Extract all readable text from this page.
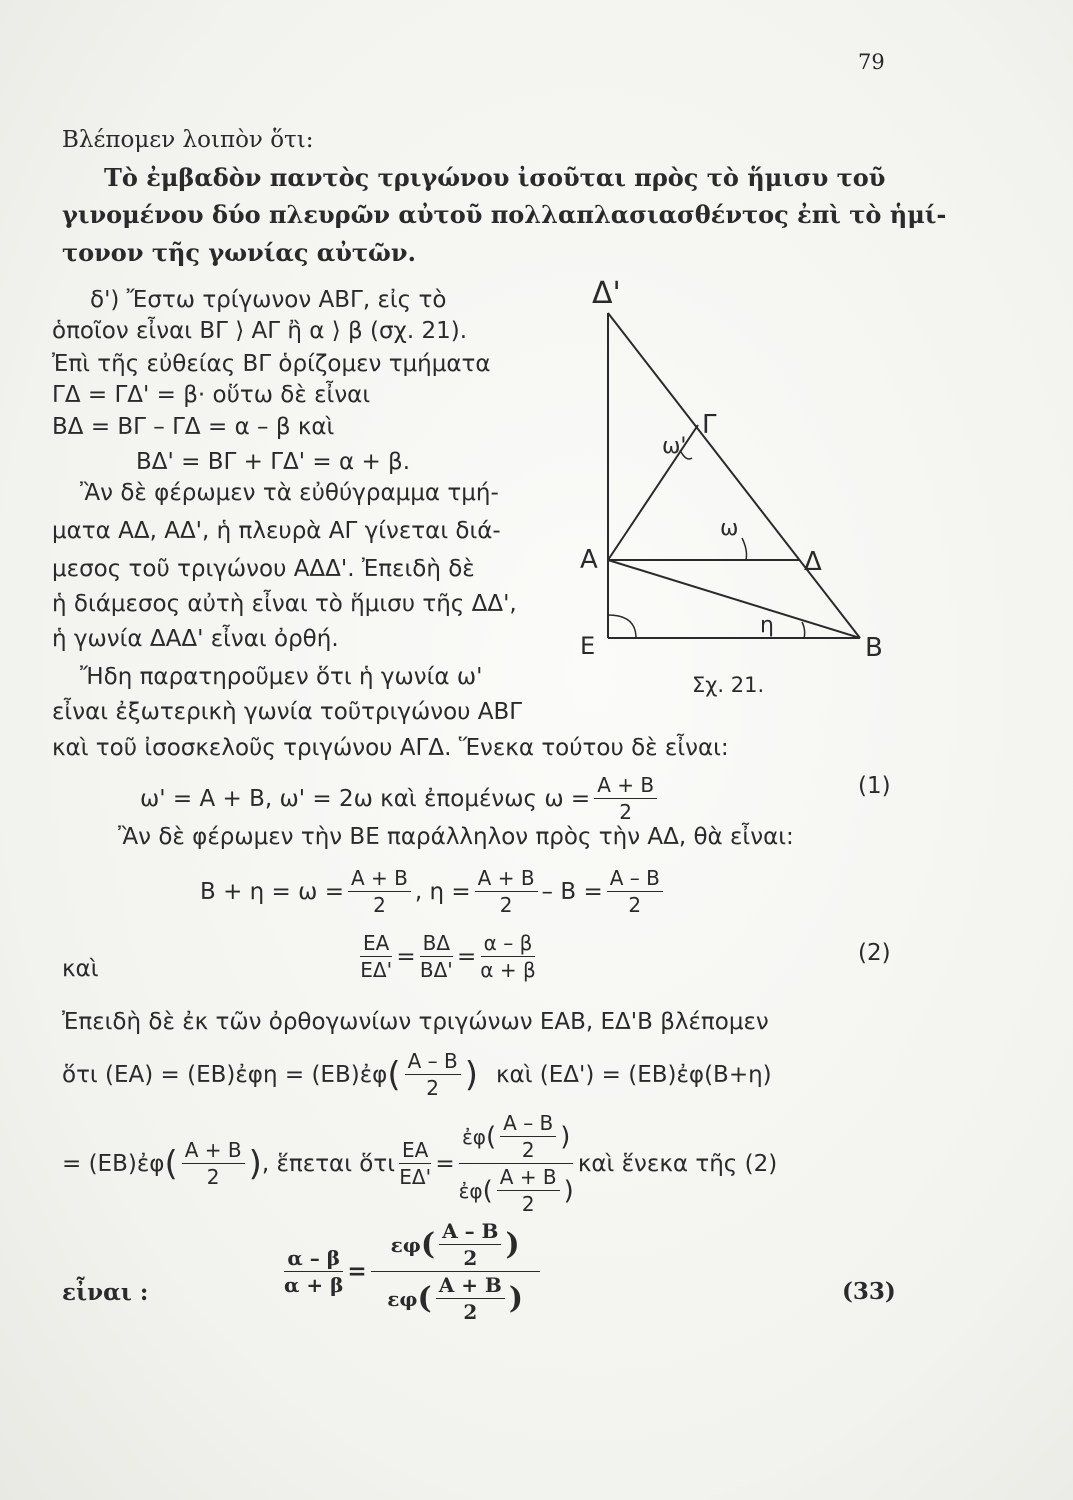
79
Βλέπομεν λοιπὸν ὅτι:
Τὸ ἐμβαδὸν παντὸς τριγώνου ἰσοῦται πρὸς τὸ ἥμισυ τοῦ
γινομένου δύο πλευρῶν αὐτοῦ πολλαπλασιασθέντος ἐπὶ τὸ ἡμί-
τονον τῆς γωνίας αὐτῶν.
δ') Ἔστω τρίγωνον ΑΒΓ, εἰς τὸ
ὁποῖον εἶναι ΒΓ ⟩ ΑΓ ἢ α ⟩ β (σχ. 21).
Ἐπὶ τῆς εὐθείας ΒΓ ὁρίζομεν τμήματα
ΓΔ = ΓΔ' = β· οὕτω δὲ εἶναι
ΒΔ = ΒΓ – ΓΔ = α – β καὶ
ΒΔ' = ΒΓ + ΓΔ' = α + β.
Ἂν δὲ φέρωμεν τὰ εὐθύγραμμα τμή-
ματα ΑΔ, ΑΔ', ἡ πλευρὰ ΑΓ γίνεται διά-
μεσος τοῦ τριγώνου ΑΔΔ'. Ἐπειδὴ δὲ
ἡ διάμεσος αὐτὴ εἶναι τὸ ἥμισυ τῆς ΔΔ',
ἡ γωνία ΔΑΔ' εἶναι ὀρθή.
Ἤδη παρατηροῦμεν ὅτι ἡ γωνία ω'
εἶναι ἐξωτερικὴ γωνία τοῦτριγώνου ΑΒΓ
καὶ τοῦ ἰσοσκελοῦς τριγώνου ΑΓΔ. Ἕνεκα τούτου δὲ εἶναι:
Δ'
Γ
ω'
ω
Α	Δ
η
Ε	Β
Σχ. 21.
ω' = Α + Β, ω' = 2ω καὶ ἐπομένως $\omega = \frac{A + B}{2}$	(1)
Ἂν δὲ φέρωμεν τὴν ΒΕ παράλληλον πρὸς τὴν ΑΔ, θὰ εἶναι:
$B + \eta = \omega = \frac{A + B}{2}$ , $\eta = \frac{A + B}{2} - B = \frac{A - B}{2}$
καὶ	$\frac{EA}{E\Delta'} = \frac{B\Delta}{B\Delta'} = \frac{\alpha - \beta}{\alpha + \beta}$	(2)
Ἐπειδὴ δὲ ἐκ τῶν ὀρθογωνίων τριγώνων ΕΑΒ, ΕΔ'Β βλέπομεν
ὅτι (ΕΑ) = (ΕΒ)ἐφη = (ΕΒ)ἐφ ( $\frac{A - B}{2}$ ) καὶ (ΕΔ') = (ΕΒ)ἐφ(Β+η)
= (ΕΒ)ἐφ ( $\frac{A + B}{2}$ ) , ἕπεται ὅτι $\frac{EA}{E\Delta'}$ =
ἐφ ( $\frac{A - B}{2}$ )
ἐφ ( $\frac{A + B}{2}$ )
καὶ ἕνεκα τῆς (2)
εἶναι :	$\frac{\alpha - \beta}{\alpha + \beta}$ =
εφ ( $\frac{A - B}{2}$ )
εφ ( $\frac{A + B}{2}$ )	(33)
